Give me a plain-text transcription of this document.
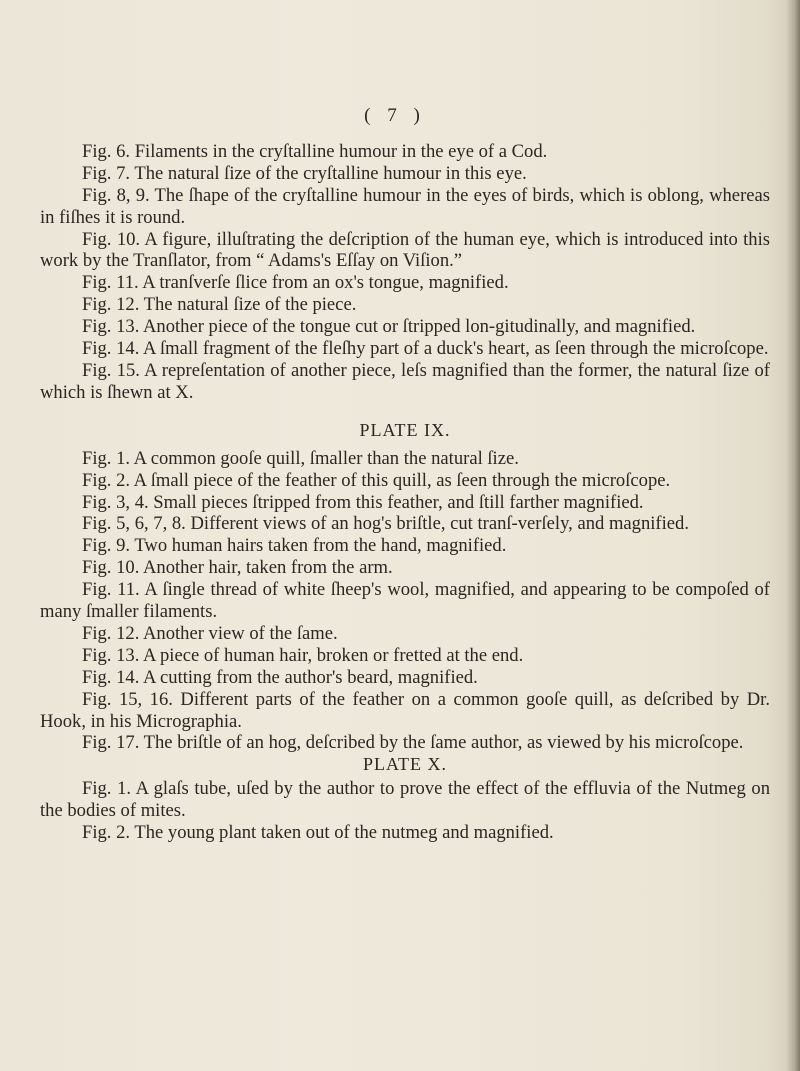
( 7 )

Fig. 6. Filaments in the cryſtalline humour in the eye of a Cod.

Fig. 7. The natural ſize of the cryſtalline humour in this eye.

Fig. 8, 9. The ſhape of the cryſtalline humour in the eyes of birds, which is oblong, whereas in fiſhes it is round.

Fig. 10. A figure, illuſtrating the deſcription of the human eye, which is introduced into this work by the Tranſlator, from “ Adams's Eſſay on Viſion.”

Fig. 11. A tranſverſe ſlice from an ox's tongue, magnified.

Fig. 12. The natural ſize of the piece.

Fig. 13. Another piece of the tongue cut or ſtripped lon-gitudinally, and magnified.

Fig. 14. A ſmall fragment of the fleſhy part of a duck's heart, as ſeen through the microſcope.

Fig. 15. A repreſentation of another piece, leſs magnified than the former, the natural ſize of which is ſhewn at X.

PLATE IX.

Fig. 1. A common gooſe quill, ſmaller than the natural ſize.

Fig. 2. A ſmall piece of the feather of this quill, as ſeen through the microſcope.

Fig. 3, 4. Small pieces ſtripped from this feather, and ſtill farther magnified.

Fig. 5, 6, 7, 8. Different views of an hog's briſtle, cut tranſ-verſely, and magnified.

Fig. 9. Two human hairs taken from the hand, magnified.

Fig. 10. Another hair, taken from the arm.

Fig. 11. A ſingle thread of white ſheep's wool, magnified, and appearing to be compoſed of many ſmaller filaments.

Fig. 12. Another view of the ſame.

Fig. 13. A piece of human hair, broken or fretted at the end.

Fig. 14. A cutting from the author's beard, magnified.

Fig. 15, 16. Different parts of the feather on a common gooſe quill, as deſcribed by Dr. Hook, in his Micrographia.

Fig. 17. The briſtle of an hog, deſcribed by the ſame author, as viewed by his microſcope.

PLATE X.

Fig. 1. A glaſs tube, uſed by the author to prove the effect of the effluvia of the Nutmeg on the bodies of mites.

Fig. 2. The young plant taken out of the nutmeg and magnified.
